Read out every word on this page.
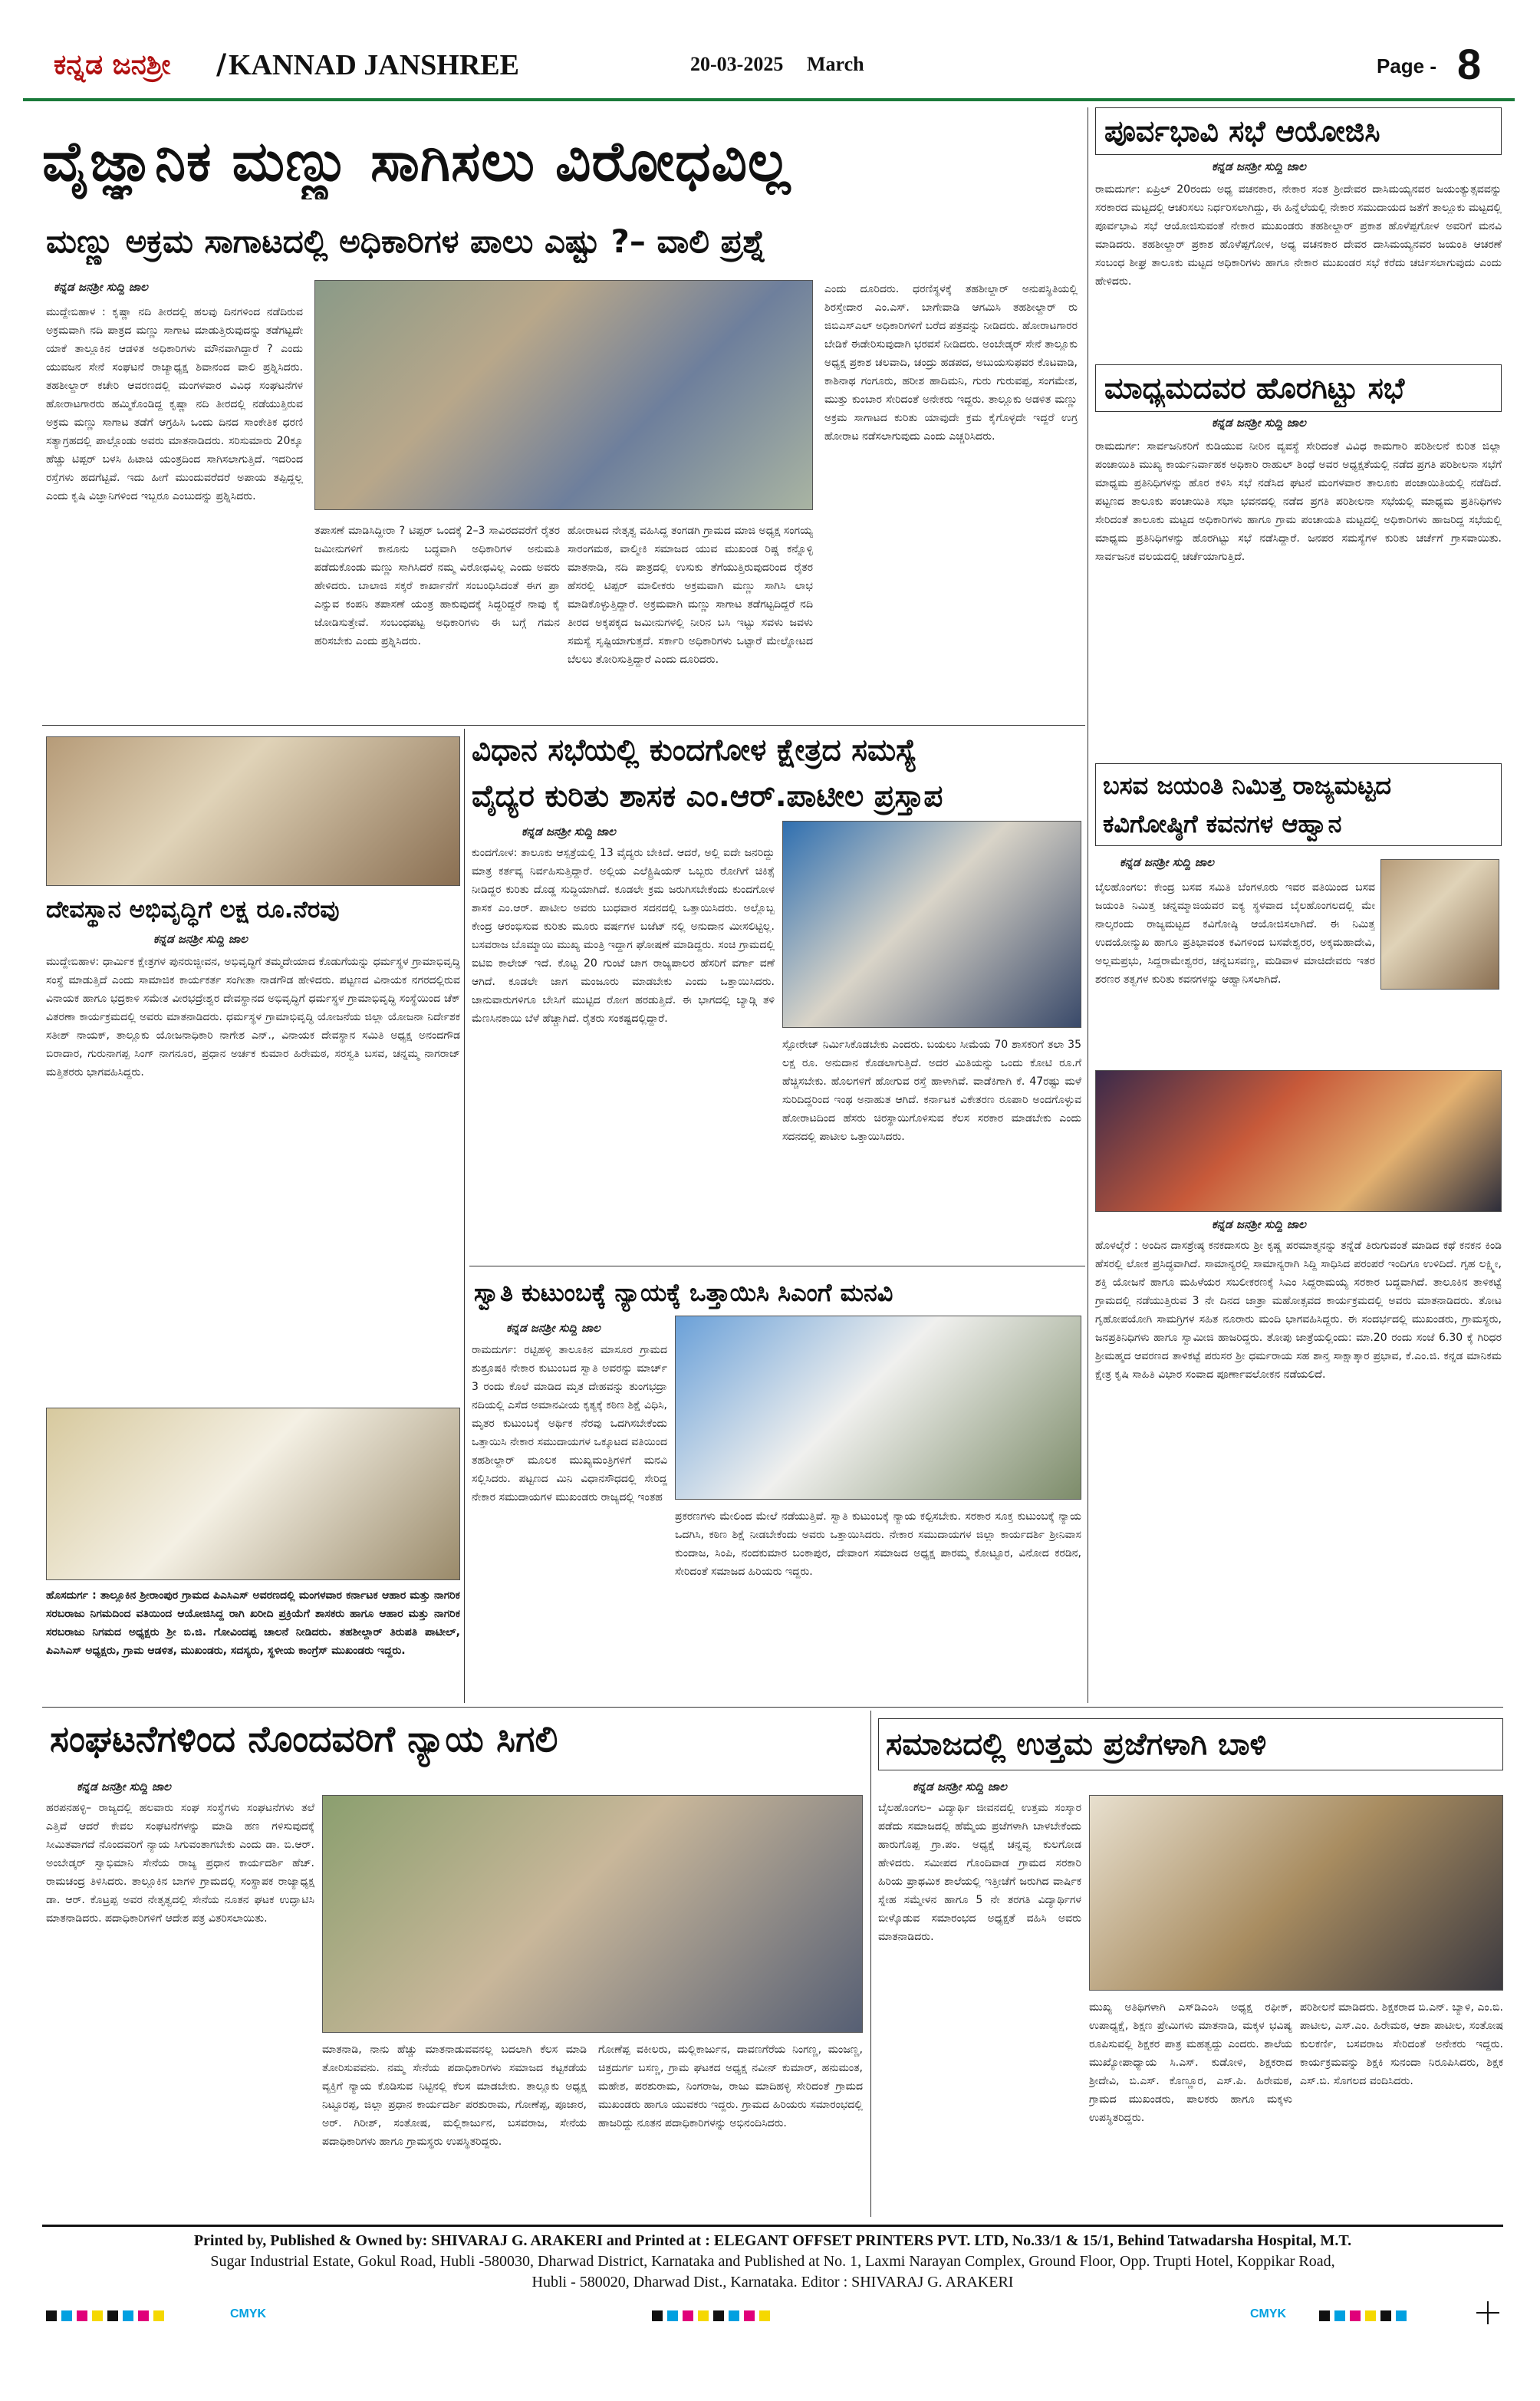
ಕನ್ನಡ ಜನಶ್ರೀ / KANNAD JANSHREE	20-03-2025 March	Page - 8
ವೈಜ್ಞಾನಿಕ ಮಣ್ಣು ಸಾಗಿಸಲು ವಿರೋಧವಿಲ್ಲ
ಮಣ್ಣು ಅಕ್ರಮ ಸಾಗಾಟದಲ್ಲಿ ಅಧಿಕಾರಿಗಳ ಪಾಲು ಎಷ್ಟು ?– ವಾಲಿ ಪ್ರಶ್ನೆ
ಕನ್ನಡ ಜನಶ್ರೀ ಸುದ್ದಿ ಜಾಲ
ಮುದ್ದೇಬಿಹಾಳ : ಕೃಷ್ಣಾ ನದಿ ತೀರದಲ್ಲಿ ಹಲವು ದಿನಗಳಿಂದ ನಡೆದಿರುವ ಅಕ್ರಮವಾಗಿ ನದಿ ಪಾತ್ರದ ಮಣ್ಣು ಸಾಗಾಟ ಮಾಡುತ್ತಿರುವುದನ್ನು ತಡೆಗಟ್ಟದೇ ಯಾಕೆ ತಾಲ್ಲೂಕಿನ ಆಡಳಿತ ಅಧಿಕಾರಿಗಳು ಮೌನವಾಗಿದ್ದಾರೆ ? ಎಂದು ಯುವಜನ ಸೇನೆ ಸಂಘಟನೆ ರಾಜ್ಯಾಧ್ಯಕ್ಷ ಶಿವಾನಂದ ವಾಲಿ ಪ್ರಶ್ನಿಸಿದರು. ತಹಶೀಲ್ದಾರ್ ಕಚೇರಿ ಆವರಣದಲ್ಲಿ ಮಂಗಳವಾರ ವಿವಿಧ ಸಂಘಟನೆಗಳ ಹೋರಾಟಗಾರರು ಹಮ್ಮಿಕೊಂಡಿದ್ದ ಕೃಷ್ಣಾ ನದಿ ತೀರದಲ್ಲಿ ನಡೆಯುತ್ತಿರುವ ಅಕ್ರಮ ಮಣ್ಣು ಸಾಗಾಟ ತಡೆಗೆ ಆಗ್ರಹಿಸಿ ಒಂದು ದಿನದ ಸಾಂಕೇತಿಕ ಧರಣಿ ಸತ್ಯಾಗ್ರಹದಲ್ಲಿ ಪಾಲ್ಗೊಂಡು ಅವರು ಮಾತನಾಡಿದರು. ಸರಿಸುಮಾರು 20ಕ್ಕೂ ಹೆಚ್ಚು ಟಿಪ್ಪರ್ ಬಳಸಿ ಹಿಟಾಚಿ ಯಂತ್ರದಿಂದ ಸಾಗಿಸಲಾಗುತ್ತಿದೆ. ಇದರಿಂದ ರಸ್ತೆಗಳು ಹದಗೆಟ್ಟಿವೆ. ಇದು ಹೀಗೆ ಮುಂದುವರೆದರೆ ಅಪಾಯ ತಪ್ಪಿದ್ದಲ್ಲ ಎಂದು ಕೃಷಿ ವಿಜ್ಞಾನಿಗಳಿಂದ ಇಬ್ಬರೂ ಎಂಬುದನ್ನು ಪ್ರಶ್ನಿಸಿದರು.
ತಪಾಸಣೆ ಮಾಡಿಸಿದ್ದೀರಾ ? ಟಿಪ್ಪರ್ ಒಂದಕ್ಕೆ 2–3 ಸಾವಿರದವರೆಗೆ ರೈತರ ಜಮೀನುಗಳಿಗೆ ಕಾನೂನು ಬದ್ಧವಾಗಿ ಅಧಿಕಾರಿಗಳ ಅನುಮತಿ ಪಡೆದುಕೊಂಡು ಮಣ್ಣು ಸಾಗಿಸಿದರೆ ನಮ್ಮ ವಿರೋಧವಿಲ್ಲ ಎಂದು ಅವರು ಹೇಳಿದರು. ಬಾಲಾಜಿ ಸಕ್ಕರೆ ಕಾರ್ಖಾನೆಗೆ ಸಂಬಂಧಿಸಿದಂತೆ ಈಗ ಪ್ರಾ ಎನ್ನುವ ಕಂಪನಿ ತಪಾಸಣೆ ಯಂತ್ರ ಹಾಕುವುದಕ್ಕೆ ಸಿದ್ಧರಿದ್ದರೆ ನಾವು ಕೈ ಜೋಡಿಸುತ್ತೇವೆ. ಸಂಬಂಧಪಟ್ಟ ಅಧಿಕಾರಿಗಳು ಈ ಬಗ್ಗೆ ಗಮನ ಹರಿಸಬೇಕು ಎಂದು ಪ್ರಶ್ನಿಸಿದರು.
ಹೋರಾಟದ ನೇತೃತ್ವ ವಹಿಸಿದ್ದ ತಂಗಡಗಿ ಗ್ರಾಮದ ಮಾಜಿ ಅಧ್ಯಕ್ಷ ಸಂಗಯ್ಯ ಸಾರಂಗಮಠ, ವಾಲ್ಮೀಕಿ ಸಮಾಜದ ಯುವ ಮುಖಂಡ ರಿಷ್ಣ ಕನ್ನೊಳ್ಳಿ ಮಾತನಾಡಿ, ನದಿ ಪಾತ್ರದಲ್ಲಿ ಉಸುಕು ತೆಗೆಯುತ್ತಿರುವುದರಿಂದ ರೈತರ ಹೆಸರಲ್ಲಿ ಟಿಪ್ಪರ್ ಮಾಲೀಕರು ಅಕ್ರಮವಾಗಿ ಮಣ್ಣು ಸಾಗಿಸಿ ಲಾಭ ಮಾಡಿಕೊಳ್ಳುತ್ತಿದ್ದಾರೆ. ಅಕ್ರಮವಾಗಿ ಮಣ್ಣು ಸಾಗಾಟ ತಡೆಗಟ್ಟದಿದ್ದರೆ ನದಿ ತೀರದ ಅಕ್ಕಪಕ್ಕದ ಜಮೀನುಗಳಲ್ಲಿ ನೀರಿನ ಬಸಿ ಇಟ್ಟು ಸವಳು ಜವಳು ಸಮಸ್ಯೆ ಸೃಷ್ಟಿಯಾಗುತ್ತದೆ. ಸರ್ಕಾರಿ ಅಧಿಕಾರಿಗಳು ಒಟ್ಟಾರೆ ಮೇಲ್ನೋಟದ ಬೆಲಲು ತೋರಿಸುತ್ತಿದ್ದಾರೆ ಎಂದು ದೂರಿದರು.
ಎಂದು ದೂರಿದರು. ಧರಣಿಸ್ಥಳಕ್ಕೆ ತಹಶೀಲ್ದಾರ್ ಅನುಪಸ್ಥಿತಿಯಲ್ಲಿ ಶಿರಸ್ತೇದಾರ ಎಂ.ಎಸ್. ಬಾಗೇವಾಡಿ ಆಗಮಿಸಿ ತಹಶೀಲ್ದಾರ್ ರು ಜಿಬಿಎಸ್ಎಲ್ ಅಧಿಕಾರಿಗಳಿಗೆ ಬರೆದ ಪತ್ರವನ್ನು ನೀಡಿದರು. ಹೋರಾಟಗಾರರ ಬೇಡಿಕೆ ಈಡೇರಿಸುವುದಾಗಿ ಭರವಸೆ ನೀಡಿದರು. ಅಂಬೇಡ್ಕರ್ ಸೇನೆ ತಾಲ್ಲೂಕು ಅಧ್ಯಕ್ಷ ಪ್ರಕಾಶ ಚಲವಾದಿ, ಚಂದ್ರು ಹಡಪದ, ಅಬುಯಸುಫವರ ಕೊಟವಾಡಿ, ಕಾಶಿನಾಥ ಗಂಗೂರು, ಹರೀಶ ಹಾದಿಮನಿ, ಗುರು ಗುರುವಪ್ಪ, ಸಂಗಮೇಶ, ಮುತ್ತು ಕುಂಬಾರ ಸೇರಿದಂತೆ ಅನೇಕರು ಇದ್ದರು. ತಾಲ್ಲೂಕು ಅಡಳಿತ ಮಣ್ಣು ಅಕ್ರಮ ಸಾಗಾಟದ ಕುರಿತು ಯಾವುದೇ ಕ್ರಮ ಕೈಗೊಳ್ಳದೇ ಇದ್ದರೆ ಉಗ್ರ ಹೋರಾಟ ನಡೆಸಲಾಗುವುದು ಎಂದು ಎಚ್ಚರಿಸಿದರು.
ಪೂರ್ವಭಾವಿ ಸಭೆ ಆಯೋಜಿಸಿ
ಕನ್ನಡ ಜನಶ್ರೀ ಸುದ್ದಿ ಜಾಲ
ರಾಮದುರ್ಗ: ಏಪ್ರಿಲ್ 20ರಂದು ಅಧ್ಯ ವಚನಕಾರ, ನೇಕಾರ ಸಂತ ಶ್ರೀದೇವರ ದಾಸಿಮಯ್ಯನವರ ಜಯಂತ್ಯುತ್ಸವವನ್ನು ಸರಕಾರದ ಮಟ್ಟದಲ್ಲಿ ಆಚರಿಸಲು ನಿರ್ಧರಿಸಲಾಗಿದ್ದು, ಈ ಹಿನ್ನೆಲೆಯಲ್ಲಿ ನೇಕಾರ ಸಮುದಾಯದ ಜತೆಗೆ ತಾಲ್ಲೂಕು ಮಟ್ಟದಲ್ಲಿ ಪೂರ್ವಭಾವಿ ಸಭೆ ಆಯೋಜಿಸುವಂತೆ ನೇಕಾರ ಮುಖಂಡರು ತಹಶೀಲ್ದಾರ್ ಪ್ರಕಾಶ ಹೊಳೆಪ್ಪಗೋಳ ಅವರಿಗೆ ಮನವಿ ಮಾಡಿದರು. ತಹಶೀಲ್ದಾರ್ ಪ್ರಕಾಶ ಹೊಳೆಪ್ಪಗೋಳ, ಅಧ್ಯ ವಚನಕಾರ ದೇವರ ದಾಸಿಮಯ್ಯನವರ ಜಯಂತಿ ಆಚರಣೆ ಸಂಬಂಧ ಶೀಘ್ರ ತಾಲೂಕು ಮಟ್ಟದ ಅಧಿಕಾರಿಗಳು ಹಾಗೂ ನೇಕಾರ ಮುಖಂಡರ ಸಭೆ ಕರೆದು ಚರ್ಚಿಸಲಾಗುವುದು ಎಂದು ಹೇಳಿದರು.
ಮಾಧ್ಯಮದವರ ಹೊರಗಿಟ್ಟು ಸಭೆ
ಕನ್ನಡ ಜನಶ್ರೀ ಸುದ್ದಿ ಜಾಲ
ರಾಮದುರ್ಗ: ಸಾರ್ವಜನಿಕರಿಗೆ ಕುಡಿಯುವ ನೀರಿನ ವ್ಯವಸ್ಥೆ ಸೇರಿದಂತೆ ವಿವಿಧ ಕಾಮಗಾರಿ ಪರಿಶೀಲನೆ ಕುರಿತ ಜಿಲ್ಲಾ ಪಂಚಾಯಿತಿ ಮುಖ್ಯ ಕಾರ್ಯನಿರ್ವಾಹಕ ಅಧಿಕಾರಿ ರಾಹುಲ್ ಶಿಂಧೆ ಅವರ ಅಧ್ಯಕ್ಷತೆಯಲ್ಲಿ ನಡೆದ ಪ್ರಗತಿ ಪರಿಶೀಲನಾ ಸಭೆಗೆ ಮಾಧ್ಯಮ ಪ್ರತಿನಿಧಿಗಳನ್ನು ಹೊರ ಕಳಿಸಿ ಸಭೆ ನಡೆಸಿದ ಘಟನೆ ಮಂಗಳವಾರ ತಾಲೂಕು ಪಂಚಾಯಿತಿಯಲ್ಲಿ ನಡೆದಿದೆ. ಪಟ್ಟಣದ ತಾಲೂಕು ಪಂಚಾಯಿತಿ ಸಭಾ ಭವನದಲ್ಲಿ ನಡೆದ ಪ್ರಗತಿ ಪರಿಶೀಲನಾ ಸಭೆಯಲ್ಲಿ ಮಾಧ್ಯಮ ಪ್ರತಿನಿಧಿಗಳು ಸೇರಿದಂತೆ ತಾಲೂಕು ಮಟ್ಟದ ಅಧಿಕಾರಿಗಳು ಹಾಗೂ ಗ್ರಾಮ ಪಂಚಾಯತಿ ಮಟ್ಟದಲ್ಲಿ ಅಧಿಕಾರಿಗಳು ಹಾಜರಿದ್ದ ಸಭೆಯಲ್ಲಿ ಮಾಧ್ಯಮ ಪ್ರತಿನಿಧಿಗಳನ್ನು ಹೊರಗಿಟ್ಟು ಸಭೆ ನಡೆಸಿದ್ದಾರೆ. ಜನಪರ ಸಮಸ್ಯೆಗಳ ಕುರಿತು ಚರ್ಚೆಗೆ ಗ್ರಾಸವಾಯಿತು. ಸಾರ್ವಜನಿಕ ವಲಯದಲ್ಲಿ ಚರ್ಚೆಯಾಗುತ್ತಿದೆ.
ಬಸವ ಜಯಂತಿ ನಿಮಿತ್ತ ರಾಜ್ಯಮಟ್ಟದ
ಕವಿಗೋಷ್ಠಿಗೆ ಕವನಗಳ ಆಹ್ವಾನ
ಕನ್ನಡ ಜನಶ್ರೀ ಸುದ್ದಿ ಜಾಲ
ಬೈಲಹೊಂಗಲ: ಕೇಂದ್ರ ಬಸವ ಸಮಿತಿ ಬೆಂಗಳೂರು ಇವರ ವತಿಯಿಂದ ಬಸವ ಜಯಂತಿ ನಿಮಿತ್ತ ಚನ್ನಮ್ಮಾಜಿಯವರ ಐಕ್ಯ ಸ್ಥಳವಾದ ಬೈಲಹೊಂಗಲದಲ್ಲಿ ಮೇ ನಾಲ್ಕರಂದು ರಾಜ್ಯಮಟ್ಟದ ಕವಿಗೋಷ್ಠಿ ಆಯೋಜಿಸಲಾಗಿದೆ. ಈ ನಿಮಿತ್ತ ಉದಯೋನ್ಮುಖ ಹಾಗೂ ಪ್ರತಿಭಾವಂತ ಕವಿಗಳಿಂದ ಬಸವೇಶ್ವರರ, ಅಕ್ಕಮಹಾದೇವಿ, ಅಲ್ಲಮಪ್ರಭು, ಸಿದ್ದರಾಮೇಶ್ವರರ, ಚನ್ನಬಸವಣ್ಣ, ಮಡಿವಾಳ ಮಾಚಿದೇವರು ಇತರ ಶರಣರ ತತ್ವಗಳ ಕುರಿತು ಕವನಗಳನ್ನು ಆಹ್ವಾನಿಸಲಾಗಿದೆ.
ಕನ್ನಡ ಜನಶ್ರೀ ಸುದ್ದಿ ಜಾಲ
ಹೊಳಲ್ಕೆರೆ : ಅಂದಿನ ದಾಸಶ್ರೇಷ್ಠ ಕನಕದಾಸರು ಶ್ರೀ ಕೃಷ್ಣ ಪರಮಾತ್ಮನನ್ನು ತನ್ನೆಡೆ ತಿರುಗುವಂತೆ ಮಾಡಿದ ಕಥೆ ಕನಕನ ಕಿಂಡಿ ಹೆಸರಲ್ಲಿ ಲೋಕ ಪ್ರಸಿದ್ಧವಾಗಿದೆ. ಸಾಮಾನ್ಯರಲ್ಲಿ ಸಾಮಾನ್ಯರಾಗಿ ಸಿದ್ದಿ ಸಾಧಿಸಿದ ಪರಂಪರೆ ಇಂದಿಗೂ ಉಳಿದಿದೆ. ಗೃಹ ಲಕ್ಷ್ಮೀ, ಶಕ್ತಿ ಯೋಜನೆ ಹಾಗೂ ಮಹಿಳೆಯರ ಸಬಲೀಕರಣಕ್ಕೆ ಸಿಎಂ ಸಿದ್ದರಾಮಯ್ಯ ಸರಕಾರ ಬದ್ಧವಾಗಿದೆ. ತಾಲೂಕಿನ ತಾಳಿಕಟ್ಟೆ ಗ್ರಾಮದಲ್ಲಿ ನಡೆಯುತ್ತಿರುವ 3 ನೇ ದಿನದ ಜಾತ್ರಾ ಮಹೋತ್ಸವದ ಕಾರ್ಯಕ್ರಮದಲ್ಲಿ ಅವರು ಮಾತನಾಡಿದರು. ತೋಟ ಗೃಹೋಪಯೋಗಿ ಸಾಮಗ್ರಿಗಳ ಸಹಿತ ನೂರಾರು ಮಂದಿ ಭಾಗವಹಿಸಿದ್ದರು. ಈ ಸಂದರ್ಭದಲ್ಲಿ ಮುಖಂಡರು, ಗ್ರಾಮಸ್ಥರು, ಜನಪ್ರತಿನಿಧಿಗಳು ಹಾಗೂ ಸ್ವಾಮೀಜಿ ಹಾಜರಿದ್ದರು. ತೋಪು ಜಾತ್ರೆಯಲ್ಲಿಂದು: ಮಾ.20 ರಂದು ಸಂಜೆ 6.30 ಕ್ಕೆ ಗಿರಿಧರ ಶ್ರೀಮಹ್ಮದ ಆವರಣದ ತಾಳಿಕಟ್ಟೆ ಪರುಸರ ಶ್ರೀ ಧರ್ಮರಾಯ ಸಹ ಶಾನ್ತ ಸಾಕ್ಷಾತ್ಕಾರ ಪ್ರಭಾವ, ಕೆ.ಎಂ.ಜಿ. ಕನ್ನಡ ಮಾನಿಕಮ ಕ್ಷೇತ್ರ ಕೃಷಿ ಸಾಹಿತಿ ವಿಭಾರ ಸಂವಾದ ಪೂರ್ಣಾವಲೋಕನ ನಡೆಯಲಿದೆ.
ದೇವಸ್ಥಾನ ಅಭಿವೃದ್ಧಿಗೆ ಲಕ್ಷ ರೂ.ನೆರವು
ಕನ್ನಡ ಜನಶ್ರೀ ಸುದ್ದಿ ಜಾಲ
ಮುದ್ದೇಬಿಹಾಳ: ಧಾರ್ಮಿಕ ಕ್ಷೇತ್ರಗಳ ಪುನರುಜ್ಜೀವನ, ಅಭಿವೃದ್ಧಿಗೆ ತಮ್ಮದೇಯಾದ ಕೊಡುಗೆಯನ್ನು ಧರ್ಮಸ್ಥಳ ಗ್ರಾಮಾಭಿವೃದ್ಧಿ ಸಂಸ್ಥೆ ಮಾಡುತ್ತಿದೆ ಎಂದು ಸಾಮಾಜಿಕ ಕಾರ್ಯಕರ್ತ ಸಂಗೀತಾ ನಾಡಗೌಡ ಹೇಳಿದರು. ಪಟ್ಟಣದ ವಿನಾಯಕ ನಗರದಲ್ಲಿರುವ ವಿನಾಯಕ ಹಾಗೂ ಭದ್ರಕಾಳಿ ಸಮೇತ ವೀರಭದ್ರೇಶ್ವರ ದೇವಸ್ಥಾನದ ಅಭಿವೃದ್ಧಿಗೆ ಧರ್ಮಸ್ಥಳ ಗ್ರಾಮಾಭಿವೃದ್ಧಿ ಸಂಸ್ಥೆಯಿಂದ ಚೆಕ್ ವಿತರಣಾ ಕಾರ್ಯಕ್ರಮದಲ್ಲಿ ಅವರು ಮಾತನಾಡಿದರು. ಧರ್ಮಸ್ಥಳ ಗ್ರಾಮಾಭಿವೃದ್ಧಿ ಯೋಜನೆಯ ಜಿಲ್ಲಾ ಯೋಜನಾ ನಿರ್ದೇಶಕ ಸತೀಶ್ ನಾಯಕ್, ತಾಲ್ಲೂಕು ಯೋಜನಾಧಿಕಾರಿ ನಾಗೇಶ ಎನ್., ವಿನಾಯಕ ದೇವಸ್ಥಾನ ಸಮಿತಿ ಅಧ್ಯಕ್ಷ ಅನಂದಗೌಡ ಬಿರಾದಾರ, ಗುರುನಾಗಪ್ಪ ಸಿಂಗ್ ನಾಗನೂರ, ಪ್ರಧಾನ ಅರ್ಚಕ ಕುಮಾರ ಹಿರೇಮಠ, ಸರಸ್ವತಿ ಬಸವ, ಚನ್ನಮ್ಮ ನಾಗರಾಜ್ ಮತ್ತಿತರರು ಭಾಗವಹಿಸಿದ್ದರು.
ಹೊಸದುರ್ಗ : ತಾಲ್ಲೂಕಿನ ಶ್ರೀರಾಂಪುರ ಗ್ರಾಮದ ಪಿಎಸಿಎಸ್ ಅವರಣದಲ್ಲಿ ಮಂಗಳವಾರ ಕರ್ನಾಟಕ ಆಹಾರ ಮತ್ತು ನಾಗರಿಕ ಸರಬರಾಜು ನಿಗಮದಿಂದ ವತಿಯಿಂದ ಆಯೋಜಿಸಿದ್ದ ರಾಗಿ ಖರೀದಿ ಪ್ರಕ್ರಿಯೆಗೆ ಶಾಸಕರು ಹಾಗೂ ಆಹಾರ ಮತ್ತು ನಾಗರಿಕ ಸರಬರಾಜು ನಿಗಮದ ಅಧ್ಯಕ್ಷರು ಶ್ರೀ ಬಿ.ಜಿ. ಗೋವಿಂದಪ್ಪ ಚಾಲನೆ ನೀಡಿದರು. ತಹಶೀಲ್ದಾರ್ ತಿರುಪತಿ ಪಾಟೀಲ್, ಪಿಎಸಿಎಸ್ ಅಧ್ಯಕ್ಷರು, ಗ್ರಾಮ ಆಡಳಿತ, ಮುಖಂಡರು, ಸದಸ್ಯರು, ಸ್ಥಳೀಯ ಕಾಂಗ್ರೆಸ್ ಮುಖಂಡರು ಇದ್ದರು.
ವಿಧಾನ ಸಭೆಯಲ್ಲಿ ಕುಂದಗೋಳ ಕ್ಷೇತ್ರದ ಸಮಸ್ಯೆ
ವೈದ್ಯರ ಕುರಿತು ಶಾಸಕ ಎಂ.ಆರ್.ಪಾಟೀಲ ಪ್ರಸ್ತಾಪ
ಕನ್ನಡ ಜನಶ್ರೀ ಸುದ್ದಿ ಜಾಲ
ಕುಂದಗೋಳ: ತಾಲೂಕು ಆಸ್ಪತ್ರೆಯಲ್ಲಿ 13 ವೈದ್ಯರು ಬೇಕಿದೆ. ಆದರೆ, ಅಲ್ಲಿ ಐದೇ ಜನರಿದ್ದು ಮಾತ್ರ ಕರ್ತವ್ಯ ನಿರ್ವಹಿಸುತ್ತಿದ್ದಾರೆ. ಅಲ್ಲಿಯ ಎಲೆಕ್ಟ್ರಿಷಿಯನ್ ಒಬ್ಬರು ರೋಗಿಗೆ ಚಿಕಿತ್ಸೆ ನೀಡಿದ್ದರ ಕುರಿತು ದೊಡ್ಡ ಸುದ್ದಿಯಾಗಿದೆ. ಕೂಡಲೇ ಕ್ರಮ ಜರುಗಿಸಬೇಕೆಂದು ಕುಂದಗೋಳ ಶಾಸಕ ಎಂ.ಆರ್. ಪಾಟೀಲ ಅವರು ಬುಧವಾರ ಸದನದಲ್ಲಿ ಒತ್ತಾಯಿಸಿದರು. ಅಲ್ಲೊಬ್ಬ ಕೇಂದ್ರ ಆರಂಭಿಸುವ ಕುರಿತು ಮೂರು ವರ್ಷಗಳ ಬಜೆಟ್ ನಲ್ಲಿ ಅನುದಾನ ಮೀಸಲಿಟ್ಟಿಲ್ಲ. ಬಸವರಾಜ ಬೊಮ್ಮಾಯಿ ಮುಖ್ಯ ಮಂತ್ರಿ ಇದ್ದಾಗ ಘೋಷಣೆ ಮಾಡಿದ್ದರು. ಸಂಚಿ ಗ್ರಾಮದಲ್ಲಿ ಐಟಿಐ ಕಾಲೇಜ್ ಇದೆ. ಕೊಟ್ಟ 20 ಗುಂಟೆ ಜಾಗ ರಾಜ್ಯಪಾಲರ ಹೆಸರಿಗೆ ವರ್ಗಾ ವಣೆ ಆಗಿದೆ. ಕೂಡಲೇ ಜಾಗ ಮಂಜೂರು ಮಾಡಬೇಕು ಎಂದು ಒತ್ತಾಯಿಸಿದರು. ಜಾನುವಾರುಗಳಿಗೂ ಬೇಸಿಗೆ ಮುಟ್ಟಿದ ರೋಗ ಹರಡುತ್ತಿದೆ. ಈ ಭಾಗದಲ್ಲಿ ಬ್ಯಾಡ್ಗಿ ತಳಿ ಮೆಣಸಿನಕಾಯಿ ಬೆಳೆ ಹೆಚ್ಚಾಗಿದೆ. ರೈತರು ಸಂಕಷ್ಟದಲ್ಲಿದ್ದಾರೆ.
ಸ್ಪೋರೇಜ್ ನಿರ್ಮಿಸಿಕೊಡಬೇಕು ಎಂದರು. ಬಯಲು ಸೀಮೆಯ 70 ಶಾಸಕರಿಗೆ ತಲಾ 35 ಲಕ್ಷ ರೂ. ಅನುದಾನ ಕೊಡಲಾಗುತ್ತಿದೆ. ಅದರ ಮಿತಿಯನ್ನು ಒಂದು ಕೋಟಿ ರೂ.ಗೆ ಹೆಚ್ಚಿಸಬೇಕು. ಹೊಲಗಳಿಗೆ ಹೋಗುವ ರಸ್ತೆ ಹಾಳಾಗಿವೆ. ವಾಡೆಕಿಗಾಗಿ ಕೆ. 47ರಷ್ಟು ಮಳೆ ಸುರಿದಿದ್ದರಿಂದ ಇಂಥ ಅನಾಹುತ ಆಗಿದೆ. ಕರ್ನಾಟಕ ವಿಕೇತರಣ ರೂಪಾರಿ ಅಂದಗೊಳ್ಳುವ ಹೋರಾಟದಿಂದ ಹೆಸರು ಚಿರಸ್ಥಾಯಿಗೊಳಿಸುವ ಕೆಲಸ ಸರಕಾರ ಮಾಡಬೇಕು ಎಂದು ಸದನದಲ್ಲಿ ಪಾಟೀಲ ಒತ್ತಾಯಿಸಿದರು.
ಸ್ವಾತಿ ಕುಟುಂಬಕ್ಕೆ ನ್ಯಾಯಕ್ಕೆ ಒತ್ತಾಯಿಸಿ ಸಿಎಂಗೆ ಮನವಿ
ಕನ್ನಡ ಜನಶ್ರೀ ಸುದ್ದಿ ಜಾಲ
ರಾಮದುರ್ಗ: ರಟ್ಟಿಹಳ್ಳಿ ತಾಲೂಕಿನ ಮಾಸೂರ ಗ್ರಾಮದ ಶುಶ್ರೂಷಕಿ ನೇಕಾರ ಕುಟುಂಬದ ಸ್ವಾತಿ ಅವರನ್ನು ಮಾರ್ಚ್ 3 ರಂದು ಕೊಲೆ ಮಾಡಿದ ಮೃತ ದೇಹವನ್ನು ತುಂಗಭದ್ರಾ ನದಿಯಲ್ಲಿ ಎಸೆದ ಅಮಾನವೀಯ ಕೃತ್ಯಕ್ಕೆ ಕಠಿಣ ಶಿಕ್ಷೆ ವಿಧಿಸಿ, ಮೃತರ ಕುಟುಂಬಕ್ಕೆ ಅರ್ಥಿಕ ನೆರವು ಒದಗಿಸಬೇಕೆಂದು ಒತ್ತಾಯಿಸಿ ನೇಕಾರ ಸಮುದಾಯಗಳ ಒಕ್ಕೂಟದ ವತಿಯಿಂದ ತಹಶೀಲ್ದಾರ್ ಮೂಲಕ ಮುಖ್ಯಮಂತ್ರಿಗಳಿಗೆ ಮನವಿ ಸಲ್ಲಿಸಿದರು. ಪಟ್ಟಣದ ಮಿನಿ ವಿಧಾನಸೌಧದಲ್ಲಿ ಸೇರಿದ್ದ ನೇಕಾರ ಸಮುದಾಯಗಳ ಮುಖಂಡರು ರಾಜ್ಯದಲ್ಲಿ ಇಂತಹ
ಪ್ರಕರಣಗಳು ಮೇಲಿಂದ ಮೇಲೆ ನಡೆಯುತ್ತಿವೆ. ಸ್ವಾತಿ ಕುಟುಂಬಕ್ಕೆ ನ್ಯಾಯ ಕಲ್ಪಿಸಬೇಕು. ಸರಕಾರ ಸೂಕ್ತ ಕುಟುಂಬಕ್ಕೆ ನ್ಯಾಯ ಒದಗಿಸಿ, ಕಠಿಣ ಶಿಕ್ಷೆ ನೀಡಬೇಕೆಂದು ಅವರು ಒತ್ತಾಯಿಸಿದರು. ನೇಕಾರ ಸಮುದಾಯಗಳ ಜಿಲ್ಲಾ ಕಾರ್ಯದರ್ಶಿ ಶ್ರೀನಿವಾಸ ಕುಂದಾಜ, ಸಿಂಪಿ, ನಂದಕುಮಾರ ಬಂಕಾಪುರ, ದೇವಾಂಗ ಸಮಾಜದ ಅಧ್ಯಕ್ಷ ಪಾರಮ್ಮ ಕೋಟ್ಟೂರ, ವಿನೋದ ಕರಡಿನ, ಸೇರಿದಂತೆ ಸಮಾಜದ ಹಿರಿಯರು ಇದ್ದರು.
ಸಂಘಟನೆಗಳಿಂದ ನೊಂದವರಿಗೆ ನ್ಯಾಯ ಸಿಗಲಿ
ಕನ್ನಡ ಜನಶ್ರೀ ಸುದ್ದಿ ಜಾಲ
ಹರಪನಹಳ್ಳಿ– ರಾಜ್ಯದಲ್ಲಿ ಹಲವಾರು ಸಂಘ ಸಂಸ್ಥೆಗಳು ಸಂಘಟನೆಗಳು ತಲೆ ಎತ್ತಿವೆ ಆದರೆ ಕೇವಲ ಸಂಘಟನೆಗಳನ್ನು ಮಾಡಿ ಹಣ ಗಳಿಸುವುದಕ್ಕೆ ಸೀಮಿತವಾಗದೆ ನೊಂದವರಿಗೆ ನ್ಯಾಯ ಸಿಗುವಂತಾಗಬೇಕು ಎಂದು ಡಾ. ಬಿ.ಆರ್. ಅಂಬೇಡ್ಕರ್ ಸ್ವಾಭಿಮಾನಿ ಸೇನೆಯ ರಾಜ್ಯ ಪ್ರಧಾನ ಕಾರ್ಯದರ್ಶಿ ಹೆಚ್. ರಾಮಚಂದ್ರ ತಿಳಿಸಿದರು. ತಾಲ್ಲೂಕಿನ ಬಾಗಳಿ ಗ್ರಾಮದಲ್ಲಿ ಸಂಸ್ಥಾಪಕ ರಾಜ್ಯಾಧ್ಯಕ್ಷ ಡಾ. ಆರ್. ಕೊಟ್ರಪ್ಪ ಅವರ ನೇತೃತ್ವದಲ್ಲಿ ಸೇನೆಯ ನೂತನ ಘಟಕ ಉದ್ಘಾಟಿಸಿ ಮಾತನಾಡಿದರು. ಪದಾಧಿಕಾರಿಗಳಿಗೆ ಆದೇಶ ಪತ್ರ ವಿತರಿಸಲಾಯಿತು.
ಮಾತನಾಡಿ, ನಾನು ಹೆಚ್ಚು ಮಾತನಾಡುವವನಲ್ಲ ಬದಲಾಗಿ ಕೆಲಸ ಮಾಡಿ ತೋರಿಸುವವನು. ನಮ್ಮ ಸೇನೆಯ ಪದಾಧಿಕಾರಿಗಳು ಸಮಾಜದ ಕಟ್ಟಕಡೆಯ ವ್ಯಕ್ತಿಗೆ ನ್ಯಾಯ ಕೊಡಿಸುವ ನಿಟ್ಟಿನಲ್ಲಿ ಕೆಲಸ ಮಾಡಬೇಕು. ತಾಲ್ಲೂಕು ಅಧ್ಯಕ್ಷ ನಿಟ್ಟೂರಪ್ಪ, ಜಿಲ್ಲಾ ಪ್ರಧಾನ ಕಾರ್ಯದರ್ಶಿ ಪರಶುರಾಮ, ಗೋಣೆಪ್ಪ, ಪೂಜಾರ, ಅರ್. ಗಿರೀಶ್, ಸಂತೋಷ, ಮಲ್ಲಿಕಾರ್ಜುನ, ಬಸವರಾಜ, ಸೇನೆಯ ಪದಾಧಿಕಾರಿಗಳು ಹಾಗೂ ಗ್ರಾಮಸ್ಥರು ಉಪಸ್ಥಿತರಿದ್ದರು.
ಗೋಣೆಪ್ಪ ವಕೀಲರು, ಮಲ್ಲಿಕಾರ್ಜುನ, ದಾವಣಗೆರೆಯ ನಿಂಗಣ್ಣ, ಮಂಜಣ್ಣ, ಚಿತ್ರದುರ್ಗ ಬಸಣ್ಣ, ಗ್ರಾಮ ಘಟಕದ ಅಧ್ಯಕ್ಷ ನವೀನ್ ಕುಮಾರ್, ಹನುಮಂತ, ಮಹೇಶ, ಪರಶುರಾಮ, ನಿಂಗರಾಜ, ರಾಜು ಮಾದಿಹಳ್ಳಿ ಸೇರಿದಂತೆ ಗ್ರಾಮದ ಮುಖಂಡರು ಹಾಗೂ ಯುವಕರು ಇದ್ದರು. ಗ್ರಾಮದ ಹಿರಿಯರು ಸಮಾರಂಭದಲ್ಲಿ ಹಾಜರಿದ್ದು ನೂತನ ಪದಾಧಿಕಾರಿಗಳನ್ನು ಅಭಿನಂದಿಸಿದರು.
ಸಮಾಜದಲ್ಲಿ ಉತ್ತಮ ಪ್ರಜೆಗಳಾಗಿ ಬಾಳಿ
ಕನ್ನಡ ಜನಶ್ರೀ ಸುದ್ದಿ ಜಾಲ
ಬೈಲಹೊಂಗಲ– ವಿದ್ಯಾರ್ಥಿ ಜೀವನದಲ್ಲಿ ಉತ್ತಮ ಸಂಸ್ಕಾರ ಪಡೆದು ಸಮಾಜದಲ್ಲಿ ಹೆಮ್ಮೆಯ ಪ್ರಜೆಗಳಾಗಿ ಬಾಳಬೇಕೆಂದು ಹಾರುಗೊಪ್ಪ ಗ್ರಾ.ಪಂ. ಅಧ್ಯಕ್ಷೆ ಚನ್ನವ್ವ ಕುಲಗೋಡ ಹೇಳಿದರು. ಸಮೀಪದ ಗೊಂದಿವಾಡ ಗ್ರಾಮದ ಸರಕಾರಿ ಹಿರಿಯ ಪ್ರಾಥಮಿಕ ಶಾಲೆಯಲ್ಲಿ ಇತ್ತೀಚೆಗೆ ಜರುಗಿದ ವಾರ್ಷಿಕ ಸ್ನೇಹ ಸಮ್ಮೇಳನ ಹಾಗೂ 5 ನೇ ತರಗತಿ ವಿದ್ಯಾರ್ಥಿಗಳ ಬೀಳ್ಕೊಡುವ ಸಮಾರಂಭದ ಅಧ್ಯಕ್ಷತೆ ವಹಿಸಿ ಅವರು ಮಾತನಾಡಿದರು.
ಮುಖ್ಯ ಅತಿಥಿಗಳಾಗಿ ಎಸ್‌ಡಿಎಂಸಿ ಅಧ್ಯಕ್ಷ ರಫೀಕ್, ಉಪಾಧ್ಯಕ್ಷೆ, ಶಿಕ್ಷಣ ಪ್ರೇಮಿಗಳು ಮಾತನಾಡಿ, ಮಕ್ಕಳ ಭವಿಷ್ಯ ರೂಪಿಸುವಲ್ಲಿ ಶಿಕ್ಷಕರ ಪಾತ್ರ ಮಹತ್ವದ್ದು ಎಂದರು. ಶಾಲೆಯ ಮುಖ್ಯೋಪಾಧ್ಯಾಯ ಸಿ.ಎಸ್. ಕುಡೋಳಿ, ಶಿಕ್ಷಕರಾದ ಶ್ರೀದೇವಿ, ಬಿ.ಎಸ್. ಕೊಣ್ಣೂರ, ಎಸ್.ಪಿ. ಹಿರೇಮಠ, ಗ್ರಾಮದ ಮುಖಂಡರು, ಪಾಲಕರು ಹಾಗೂ ಮಕ್ಕಳು ಉಪಸ್ಥಿತರಿದ್ದರು.
ಪರಿಶೀಲನೆ ಮಾಡಿದರು. ಶಿಕ್ಷಕರಾದ ಬಿ.ಎನ್. ಬ್ಯಾಳಿ, ಎಂ.ಬಿ. ಪಾಟೀಲ, ಎಸ್.ಎಂ. ಹಿರೇಮಠ, ಆಶಾ ಪಾಟೀಲ, ಸಂತೋಷ ಕುಲಕರ್ಣಿ, ಬಸವರಾಜ ಸೇರಿದಂತೆ ಅನೇಕರು ಇದ್ದರು. ಕಾರ್ಯಕ್ರಮವನ್ನು ಶಿಕ್ಷಕಿ ಸುನಂದಾ ನಿರೂಪಿಸಿದರು, ಶಿಕ್ಷಕ ಎಸ್.ಬಿ. ಸೊಗಲದ ವಂದಿಸಿದರು.
Printed by, Published & Owned by: SHIVARAJ G. ARAKERI and Printed at : ELEGANT OFFSET PRINTERS PVT. LTD, No.33/1 & 15/1, Behind Tatwadarsha Hospital, M.T.
Sugar Industrial Estate, Gokul Road, Hubli -580030, Dharwad District, Karnataka and Published at No. 1, Laxmi Narayan Complex, Ground Floor, Opp. Trupti Hotel, Koppikar Road,
Hubli - 580020, Dharwad Dist., Karnataka. Editor : SHIVARAJ G. ARAKERI
CMYK	CMYK
